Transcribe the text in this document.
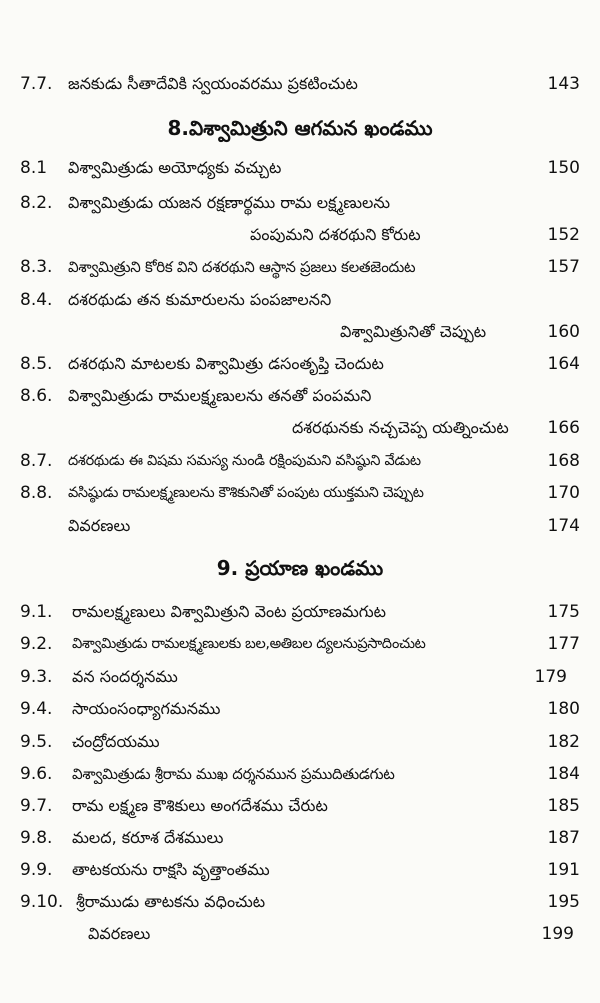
7.7. జనకుడు సీతాదేవికి స్వయంవరము ప్రకటించుట	143
8.విశ్వామిత్రుని ఆగమన ఖండము
8.1 విశ్వామిత్రుడు అయోధ్యకు వచ్చుట	150
8.2. విశ్వామిత్రుడు యజన రక్షణార్థము రామ లక్ష్మణులను
పంపుమని దశరథుని కోరుట	152
8.3. విశ్వామిత్రుని కోరిక విని దశరథుని ఆస్థాన ప్రజలు కలతజెందుట	157
8.4. దశరథుడు తన కుమారులను పంపజాలనని
విశ్వామిత్రునితో చెప్పుట	160
8.5. దశరథుని మాటలకు విశ్వామిత్రు డసంతృప్తి చెందుట	164
8.6. విశ్వామిత్రుడు రామలక్ష్మణులను తనతో పంపమని
దశరథునకు నచ్చచెప్ప యత్నించుట 166
8.7. దశరథుడు ఈ విషమ సమస్య నుండి రక్షింపుమని వసిష్ఠుని వేడుట	168
8.8. వసిష్ఠుడు రామలక్ష్మణులను కౌశికునితో పంపుట యుక్తమని చెప్పుట	170
వివరణలు	174
9. ప్రయాణ ఖండము
9.1. రామలక్ష్మణులు విశ్వామిత్రుని వెంట ప్రయాణమగుట	175
9.2. విశ్వామిత్రుడు రామలక్ష్మణులకు బల,అతిబల ద్యలనుప్రసాదించుట	177
9.3. వన సందర్శనము	179
9.4. సాయంసంధ్యాగమనము	180
9.5. చంద్రోదయము	182
9.6. విశ్వామిత్రుడు శ్రీరామ ముఖ దర్శనమున ప్రముదితుడగుట	184
9.7. రామ లక్ష్మణ కౌశికులు అంగదేశము చేరుట	185
9.8. మలద, కరూశ దేశములు	187
9.9. తాటకయను రాక్షసి వృత్తాంతము	191
9.10. శ్రీరాముడు తాటకను వధించుట	195
వివరణలు	199
